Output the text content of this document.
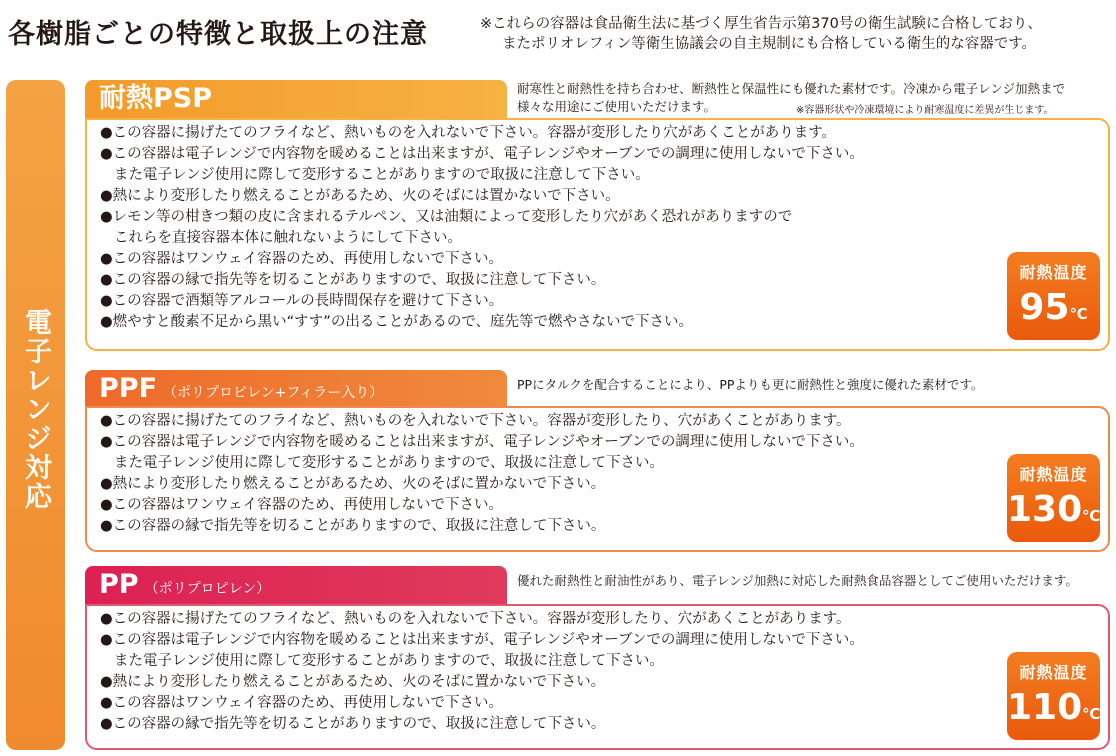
各樹脂ごとの特徴と取扱上の注意	※これらの容器は食品衛生法に基づく厚生省告示第370号の衛生試験に合格しており、
またポリオレフィン等衛生協議会の自主規制にも合格している衛生的な容器です。
電子レンジ対応
耐熱PSP	耐寒性と耐熱性を持ち合わせ、断熱性と保温性にも優れた素材です。冷凍から電子レンジ加熱まで
様々な用途にご使用いただけます。	※容器形状や冷凍環境により耐寒温度に差異が生じます。
●この容器に揚げたてのフライなど、熱いものを入れないで下さい。容器が変形したり穴があくことがあります。
●この容器は電子レンジで内容物を暖めることは出来ますが、電子レンジやオーブンでの調理に使用しないで下さい。
また電子レンジ使用に際して変形することがありますので取扱に注意して下さい。
●熱により変形したり燃えることがあるため、火のそばには置かないで下さい。
●レモン等の柑きつ類の皮に含まれるテルペン、又は油類によって変形したり穴があく恐れがありますので
これらを直接容器本体に触れないようにして下さい。
●この容器はワンウェイ容器のため、再使用しないで下さい。
●この容器の縁で指先等を切ることがありますので、取扱に注意して下さい。
●この容器で酒類等アルコールの長時間保存を避けて下さい。
●燃やすと酸素不足から黒い“すす”の出ることがあるので、庭先等で燃やさないで下さい。
耐熱温度
95℃
PPF （ポリプロピレン+フィラー入り）
PPにタルクを配合することにより、PPよりも更に耐熱性と強度に優れた素材です。
●この容器に揚げたてのフライなど、熱いものを入れないで下さい。容器が変形したり、穴があくことがあります。
●この容器は電子レンジで内容物を暖めることは出来ますが、電子レンジやオーブンでの調理に使用しないで下さい。
また電子レンジ使用に際して変形することがありますので、取扱に注意して下さい。
●熱により変形したり燃えることがあるため、火のそばに置かないで下さい。
●この容器はワンウェイ容器のため、再使用しないで下さい。
●この容器の縁で指先等を切ることがありますので、取扱に注意して下さい。
耐熱温度
130℃
PP （ポリプロピレン）
優れた耐熱性と耐油性があり、電子レンジ加熱に対応した耐熱食品容器としてご使用いただけます。
●この容器に揚げたてのフライなど、熱いものを入れないで下さい。容器が変形したり、穴があくことがあります。
●この容器は電子レンジで内容物を暖めることは出来ますが、電子レンジやオーブンでの調理に使用しないで下さい。
また電子レンジ使用に際して変形することがありますので、取扱に注意して下さい。
●熱により変形したり燃えることがあるため、火のそばに置かないで下さい。
●この容器はワンウェイ容器のため、再使用しないで下さい。
●この容器の縁で指先等を切ることがありますので、取扱に注意して下さい。
耐熱温度
110℃
